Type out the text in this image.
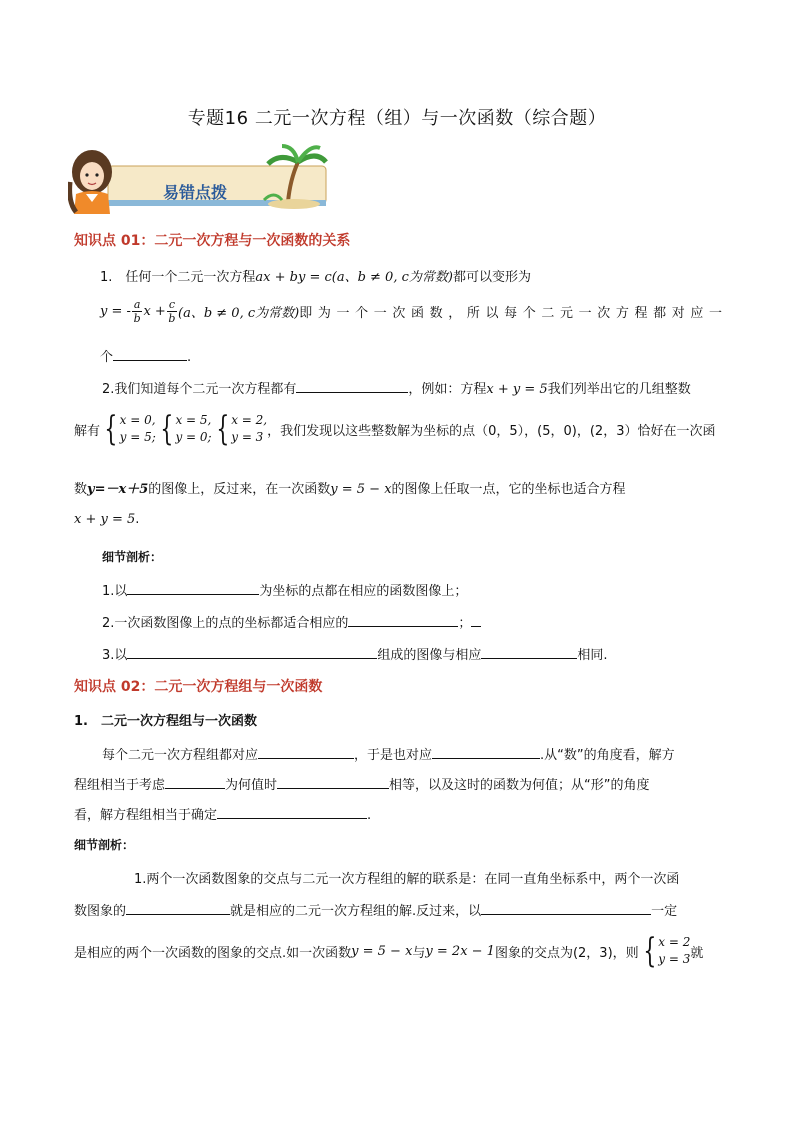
专题16 二元一次方程（组）与一次函数（综合题）
易错点拨
知识点 01：二元一次方程与一次函数的关系
1.　任何一个二元一次方程ax + by = c(a、b ≠ 0, c为常数)都可以变形为
y = - $\frac{a}{b}$ $x + \frac{c}{b} (a$、b ≠ 0, c为常数) 即 为 一 个 一 次 函 数 ， 所 以 每 个 二 元 一 次 方 程 都 对 应 一
个	.
2.我们知道每个二元一次方程都有	，例如：方程x + y = 5我们列举出它的几组整数
解有 { x = 0,
y = 5; { x = 5,
y = 0; { x = 2,
y = 3 ，我们发现以这些整数解为坐标的点（0，5），(5，0)，(2，3）恰好在一次函
数y=－x＋5的图像上，反过来，在一次函数y = 5 − x的图像上任取一点，它的坐标也适合方程
x + y = 5.
细节剖析：
1.以	为坐标的点都在相应的函数图像上；
2.一次函数图像上的点的坐标都适合相应的	；
3.以	组成的图像与相应	相同.
知识点 02：二元一次方程组与一次函数
1.　二元一次方程组与一次函数
每个二元一次方程组都对应	，于是也对应	.从“数”的角度看，解方
程组相当于考虑	为何值时	相等，以及这时的函数为何值；从“形”的角度
看，解方程组相当于确定	.
细节剖析：
1.两个一次函数图象的交点与二元一次方程组的解的联系是：在同一直角坐标系中，两个一次函
数图象的	就是相应的二元一次方程组的解.反过来，以	一定
是相应的两个一次函数的图象的交点.如一次函数 y = 5 − x 与 y = 2x − 1 图象的交点为(2，3)，则 { x = 2
y = 3 就
